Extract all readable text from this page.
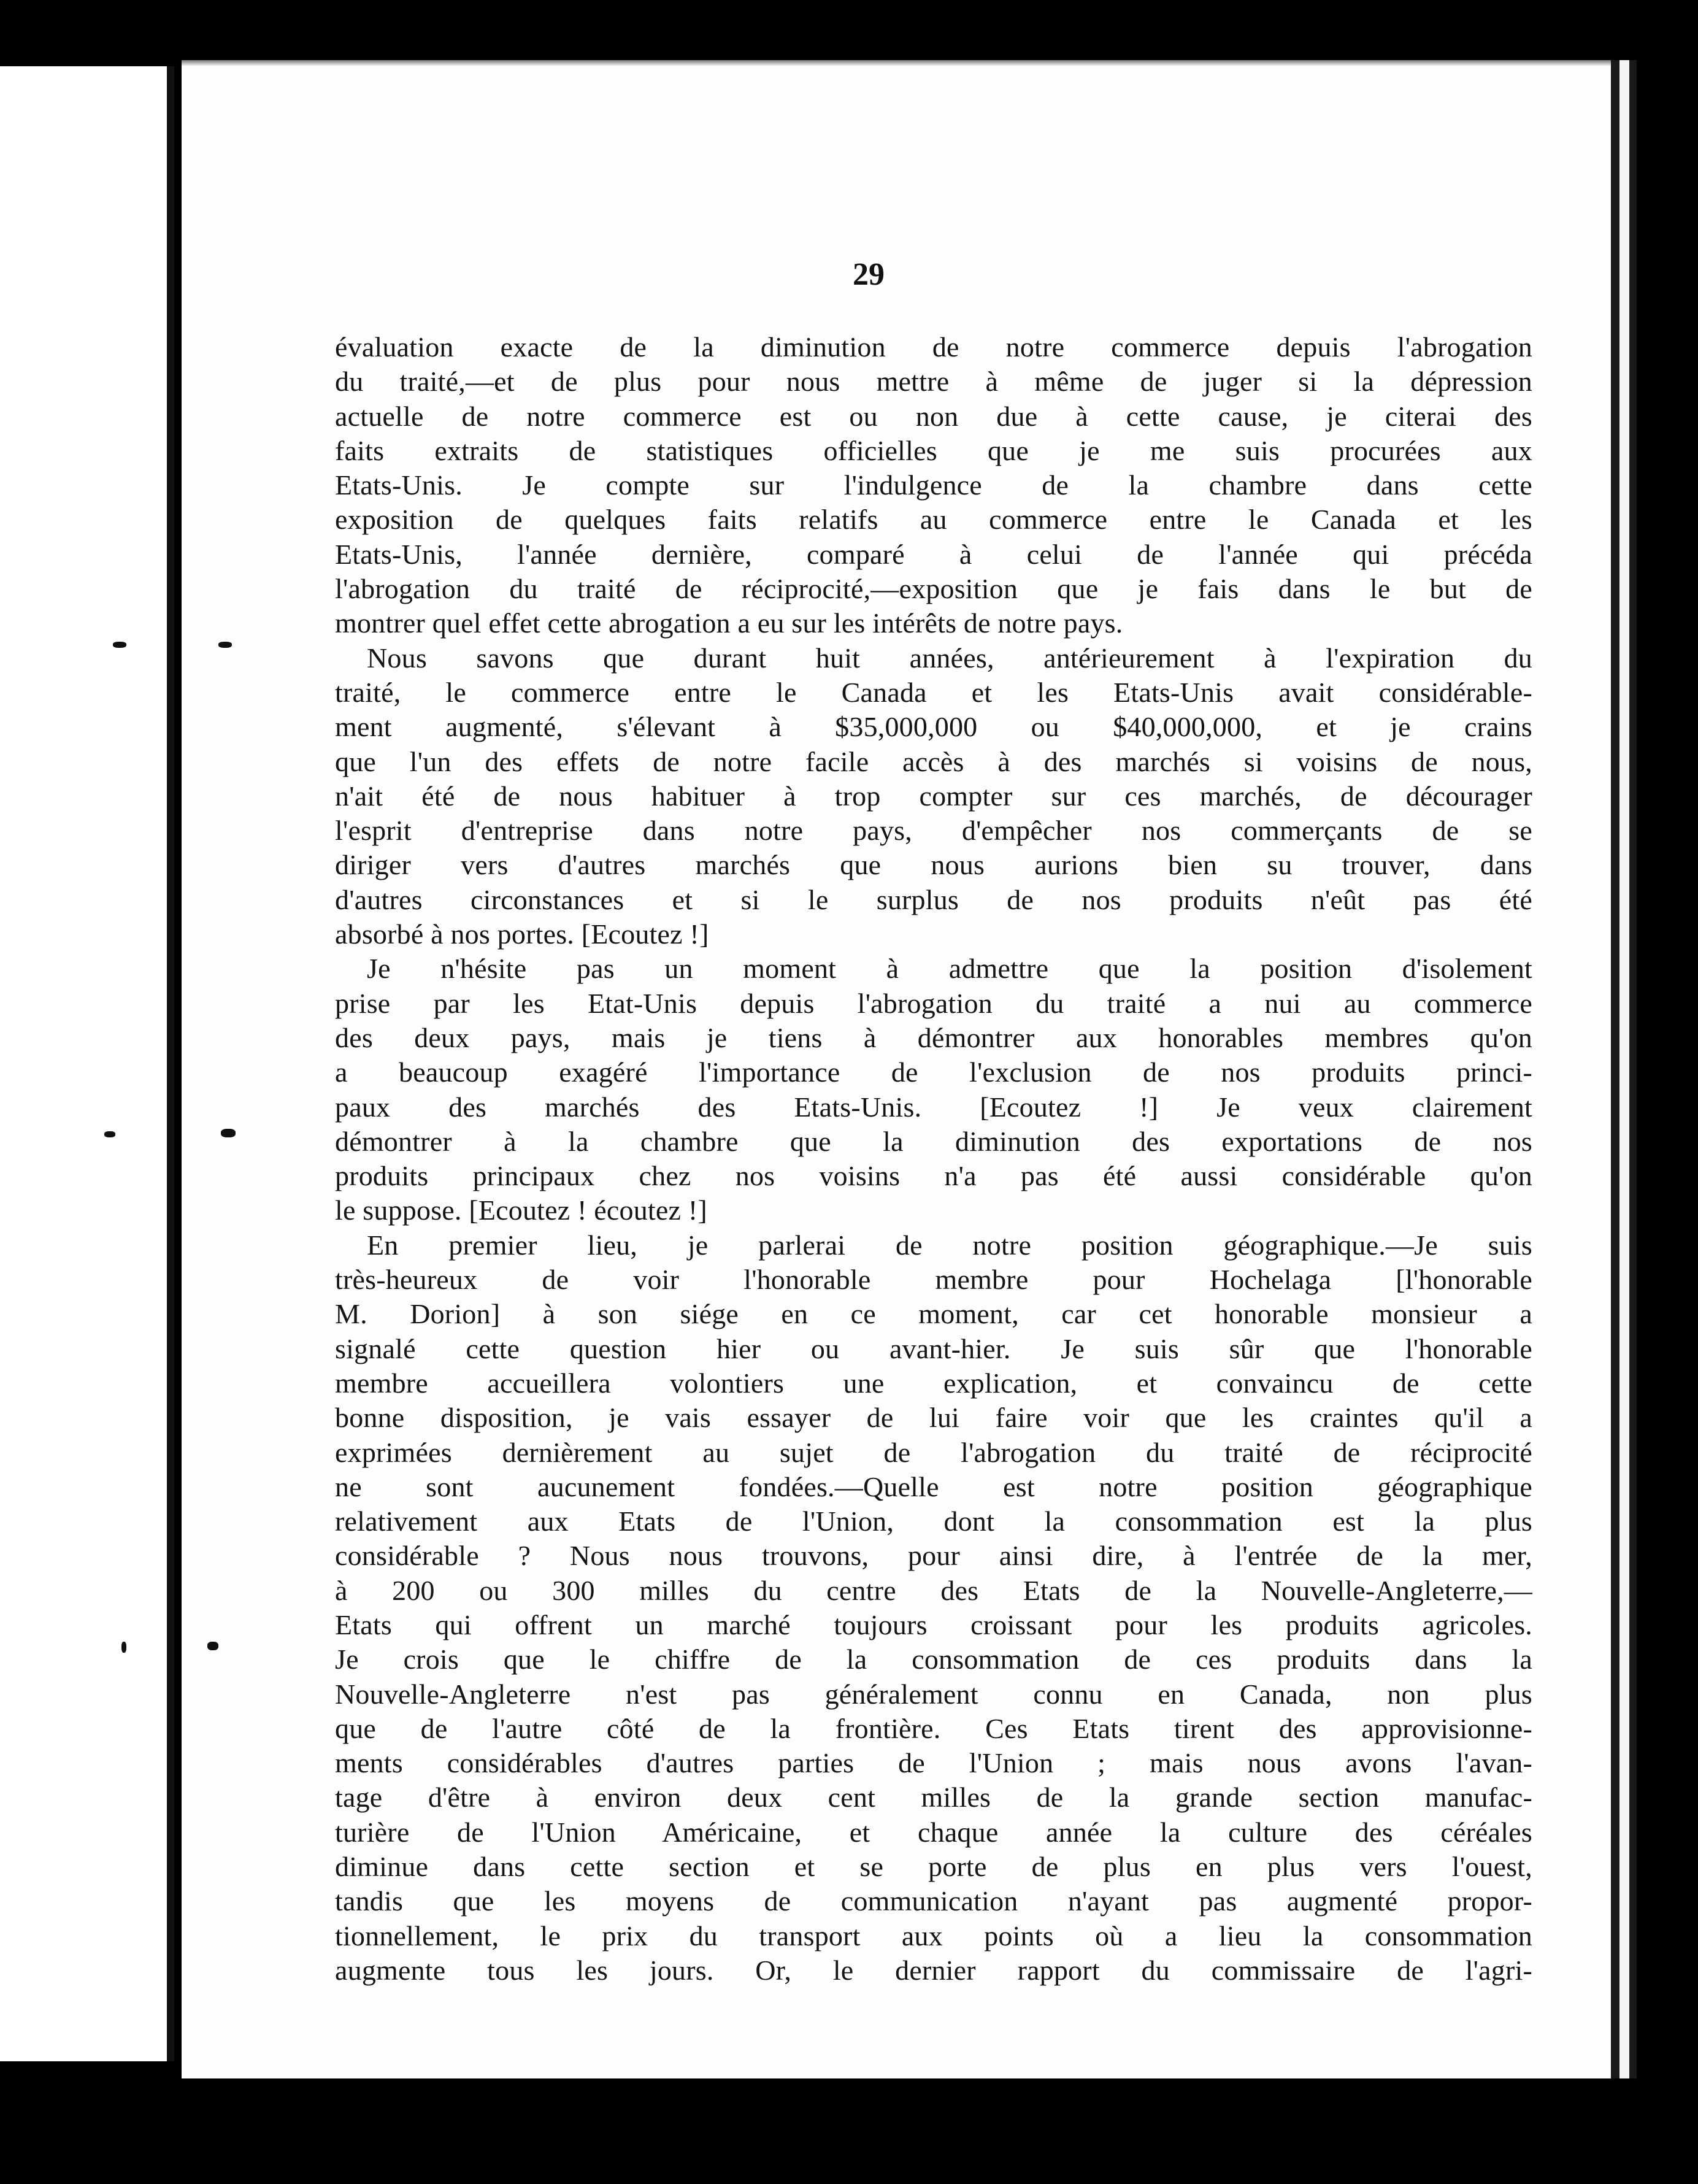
29
évaluation exacte de la diminution de notre commerce depuis l'abrogation
du traité,—et de plus pour nous mettre à même de juger si la dépression
actuelle de notre commerce est ou non due à cette cause, je citerai des
faits extraits de statistiques officielles que je me suis procurées aux
Etats-Unis. Je compte sur l'indulgence de la chambre dans cette
exposition de quelques faits relatifs au commerce entre le Canada et les
Etats-Unis, l'année dernière, comparé à celui de l'année qui précéda
l'abrogation du traité de réciprocité,—exposition que je fais dans le but de
montrer quel effet cette abrogation a eu sur les intérêts de notre pays.
Nous savons que durant huit années, antérieurement à l'expiration du
traité, le commerce entre le Canada et les Etats-Unis avait considérable-
ment augmenté, s'élevant à $35,000,000 ou $40,000,000, et je crains
que l'un des effets de notre facile accès à des marchés si voisins de nous,
n'ait été de nous habituer à trop compter sur ces marchés, de décourager
l'esprit d'entreprise dans notre pays, d'empêcher nos commerçants de se
diriger vers d'autres marchés que nous aurions bien su trouver, dans
d'autres circonstances et si le surplus de nos produits n'eût pas été
absorbé à nos portes. [Ecoutez !]
Je n'hésite pas un moment à admettre que la position d'isolement
prise par les Etat-Unis depuis l'abrogation du traité a nui au commerce
des deux pays, mais je tiens à démontrer aux honorables membres qu'on
a beaucoup exagéré l'importance de l'exclusion de nos produits princi-
paux des marchés des Etats-Unis. [Ecoutez !] Je veux clairement
démontrer à la chambre que la diminution des exportations de nos
produits principaux chez nos voisins n'a pas été aussi considérable qu'on
le suppose. [Ecoutez ! écoutez !]
En premier lieu, je parlerai de notre position géographique.—Je suis
très-heureux de voir l'honorable membre pour Hochelaga [l'honorable
M. Dorion] à son siége en ce moment, car cet honorable monsieur a
signalé cette question hier ou avant-hier. Je suis sûr que l'honorable
membre accueillera volontiers une explication, et convaincu de cette
bonne disposition, je vais essayer de lui faire voir que les craintes qu'il a
exprimées dernièrement au sujet de l'abrogation du traité de réciprocité
ne sont aucunement fondées.—Quelle est notre position géographique
relativement aux Etats de l'Union, dont la consommation est la plus
considérable ? Nous nous trouvons, pour ainsi dire, à l'entrée de la mer,
à 200 ou 300 milles du centre des Etats de la Nouvelle-Angleterre,—
Etats qui offrent un marché toujours croissant pour les produits agricoles.
Je crois que le chiffre de la consommation de ces produits dans la
Nouvelle-Angleterre n'est pas généralement connu en Canada, non plus
que de l'autre côté de la frontière. Ces Etats tirent des approvisionne-
ments considérables d'autres parties de l'Union ; mais nous avons l'avan-
tage d'être à environ deux cent milles de la grande section manufac-
turière de l'Union Américaine, et chaque année la culture des céréales
diminue dans cette section et se porte de plus en plus vers l'ouest,
tandis que les moyens de communication n'ayant pas augmenté propor-
tionnellement, le prix du transport aux points où a lieu la consommation
augmente tous les jours. Or, le dernier rapport du commissaire de l'agri-
